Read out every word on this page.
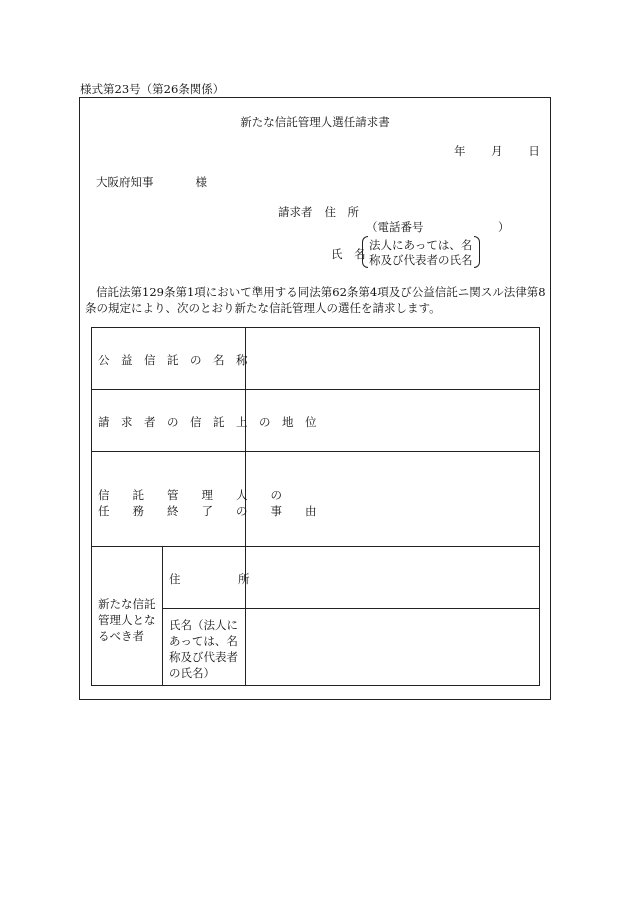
様式第23号（第26条関係）
新たな信託管理人選任請求書
年 月 日
大阪府知事	様
請求者 住　所
（電話番号	）
氏　名
法人にあっては、名
称及び代表者の氏名
信託法第129条第1項において準用する同法第62条第4項及び公益信託ニ関スル法律第8
条の規定により、次のとおり新たな信託管理人の選任を請求します。
公　益　信　託　の　名　称
請　求　者　の　信　託　上　の　地　位
信　　託　　管　　理　　人　　の
任　　務　　終　　了　　の　　事　　由
新たな信託
管理人とな
るべき者
住　　　　　所
氏名（法人に
あっては、名
称及び代表者
の氏名）
